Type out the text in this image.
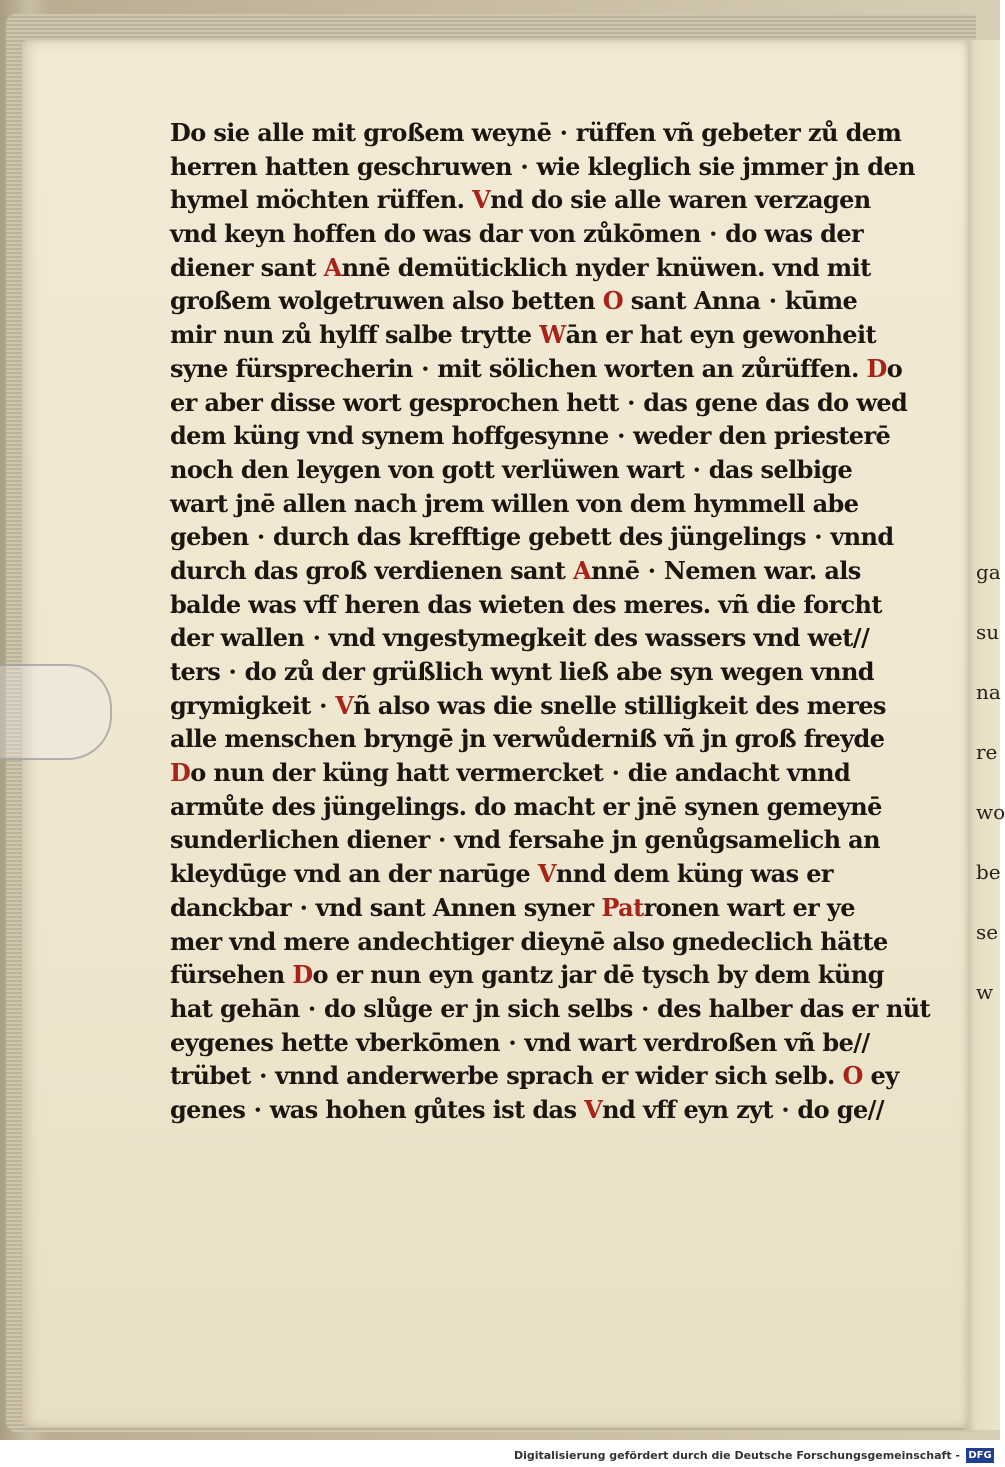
ga
su
na
re
wo
be
se
w
Do sie alle mit großem weynē ⋅ rüffen vñ gebeter zů dem
herren hatten geschruwen ⋅ wie kleglich sie jmmer jn den
hymel möchten rüffen. Vnd do sie alle waren verzagen
vnd keyn hoffen do was dar von zůkōmen ⋅ do was der
diener sant Annē demüticklich nyder knüwen. vnd mit
großem wolgetruwen also betten O sant Anna ⋅ kūme
mir nun zů hylff salbe trytte Wān er hat eyn gewonheit
syne fürsprecherin ⋅ mit sölichen worten an zůrüffen. Do
er aber disse wort gesprochen hett ⋅ das gene das do wed
dem küng vnd synem hoffgesynne ⋅ weder den priesterē
noch den leygen von gott verlüwen wart ⋅ das selbige
wart jnē allen nach jrem willen von dem hymmell abe
geben ⋅ durch das krefftige gebett des jüngelings ⋅ vnnd
durch das groß verdienen sant Annē ⋅ Nemen war. als
balde was vff heren das wieten des meres. vñ die forcht
der wallen ⋅ vnd vngestymegkeit des wassers vnd wet//
ters ⋅ do zů der grüßlich wynt ließ abe syn wegen vnnd
grymigkeit ⋅ Vñ also was die snelle stilligkeit des meres
alle menschen bryngē jn verwůderniß vñ jn groß freyde
Do nun der küng hatt vermercket ⋅ die andacht vnnd
armůte des jüngelings. do macht er jnē synen gemeynē
sunderlichen diener ⋅ vnd fersahe jn genůgsamelich an
kleydūge vnd an der narūge Vnnd dem küng was er
danckbar ⋅ vnd sant Annen syner Patronen wart er ye
mer vnd mere andechtiger dieynē also gnedeclich hätte
fürsehen Do er nun eyn gantz jar dē tysch by dem küng
hat gehān ⋅ do slůge er jn sich selbs ⋅ des halber das er nüt
eygenes hette vberkōmen ⋅ vnd wart verdroßen vñ be//
trübet ⋅ vnnd anderwerbe sprach er wider sich selb. O ey
genes ⋅ was hohen gůtes ist das Vnd vff eyn zyt ⋅ do ge//
Digitalisierung gefördert durch die Deutsche Forschungsgemeinschaft - DFG
